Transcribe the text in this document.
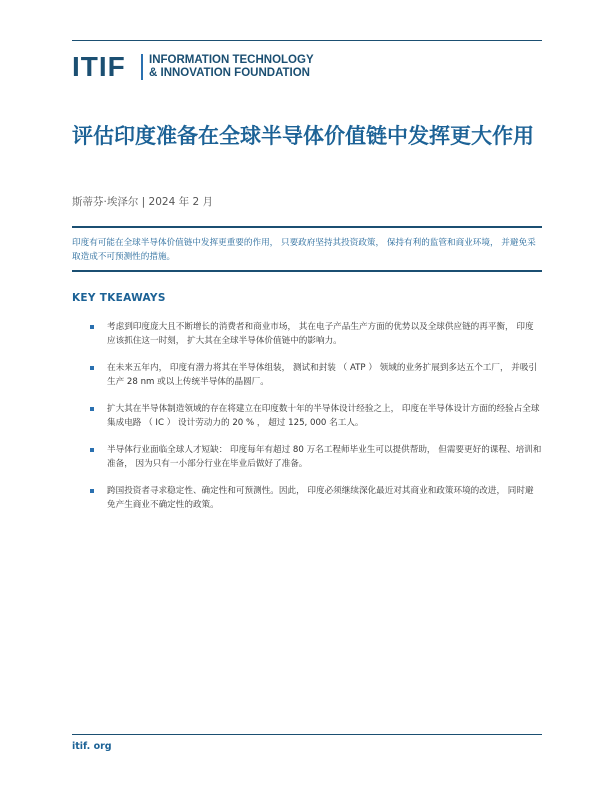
ITIF INFORMATION TECHNOLOGY
& INNOVATION FOUNDATION
评估印度准备在全球半导体价值链中发挥更大作用
斯蒂芬·埃泽尔 | 2024 年 2 月

印度有可能在全球半导体价值链中发挥更重要的作用， 只要政府坚持其投资政策， 保持有利的监管和商业环境， 并避免采取造成不可预测性的措施。

KEY TKEAWAYS
考虑到印度庞大且不断增长的消费者和商业市场， 其在电子产品生产方面的优势以及全球供应链的再平衡， 印度应该抓住这一时刻， 扩大其在全球半导体价值链中的影响力。
在未来五年内， 印度有潜力将其在半导体组装， 测试和封装 （ ATP ） 领域的业务扩展到多达五个工厂， 并吸引生产 28 nm 或以上传统半导体的晶圆厂。
扩大其在半导体制造领域的存在将建立在印度数十年的半导体设计经验之上， 印度在半导体设计方面的经验占全球集成电路 （ IC ） 设计劳动力的 20 % ， 超过 125, 000 名工人。
半导体行业面临全球人才短缺： 印度每年有超过 80 万名工程师毕业生可以提供帮助， 但需要更好的课程、培训和准备， 因为只有一小部分行业在毕业后做好了准备。
跨国投资者寻求稳定性、确定性和可预测性。因此， 印度必须继续深化最近对其商业和政策环境的改进， 同时避免产生商业不确定性的政策。
itif. org
